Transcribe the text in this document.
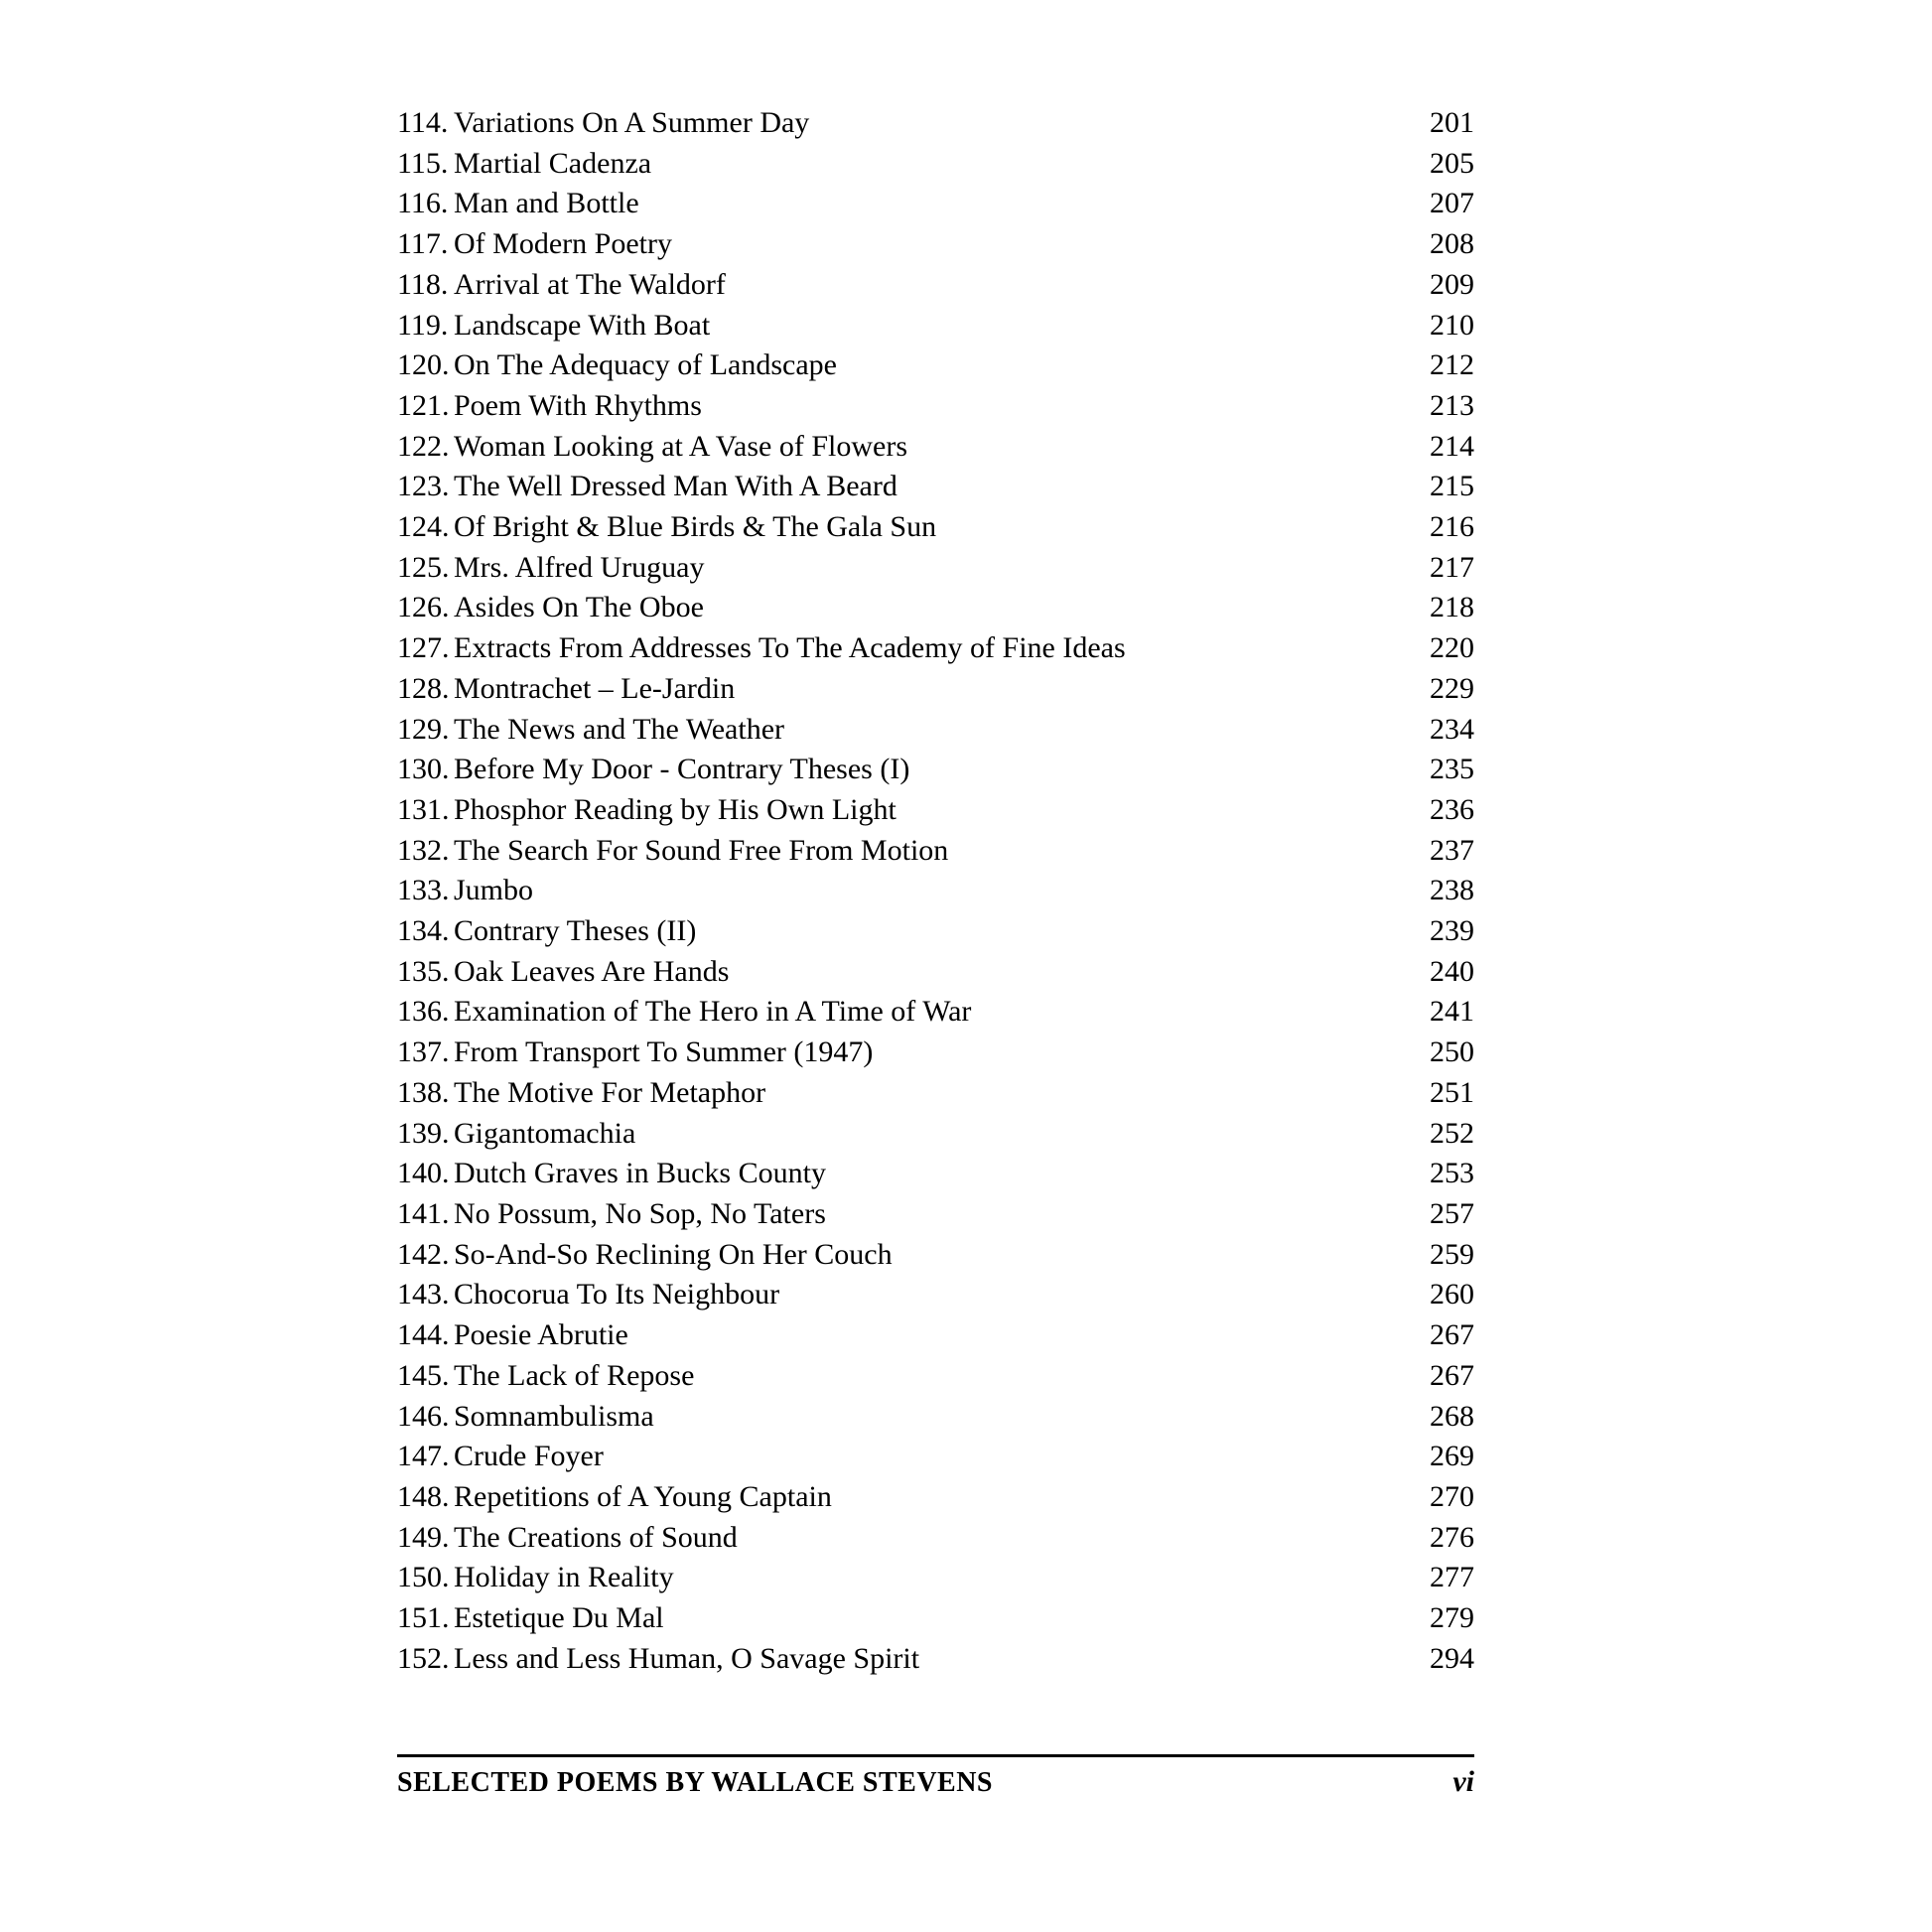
114. Variations On A Summer Day	201
115. Martial Cadenza	205
116. Man and Bottle	207
117. Of Modern Poetry	208
118. Arrival at The Waldorf	209
119. Landscape With Boat	210
120. On The Adequacy of Landscape	212
121. Poem With Rhythms	213
122. Woman Looking at A Vase of Flowers	214
123. The Well Dressed Man With A Beard	215
124. Of Bright & Blue Birds & The Gala Sun	216
125. Mrs. Alfred Uruguay	217
126. Asides On The Oboe	218
127. Extracts From Addresses To The Academy of Fine Ideas	220
128. Montrachet – Le-Jardin	229
129. The News and The Weather	234
130. Before My Door - Contrary Theses (I)	235
131. Phosphor Reading by His Own Light	236
132. The Search For Sound Free From Motion	237
133. Jumbo	238
134. Contrary Theses (II)	239
135. Oak Leaves Are Hands	240
136. Examination of The Hero in A Time of War	241
137. From Transport To Summer (1947)	250
138. The Motive For Metaphor	251
139. Gigantomachia	252
140. Dutch Graves in Bucks County	253
141. No Possum, No Sop, No Taters	257
142. So-And-So Reclining On Her Couch	259
143. Chocorua To Its Neighbour	260
144. Poesie Abrutie	267
145. The Lack of Repose	267
146. Somnambulisma	268
147. Crude Foyer	269
148. Repetitions of A Young Captain	270
149. The Creations of Sound	276
150. Holiday in Reality	277
151. Estetique Du Mal	279
152. Less and Less Human, O Savage Spirit	294
SELECTED POEMS BY WALLACE STEVENS	vi
